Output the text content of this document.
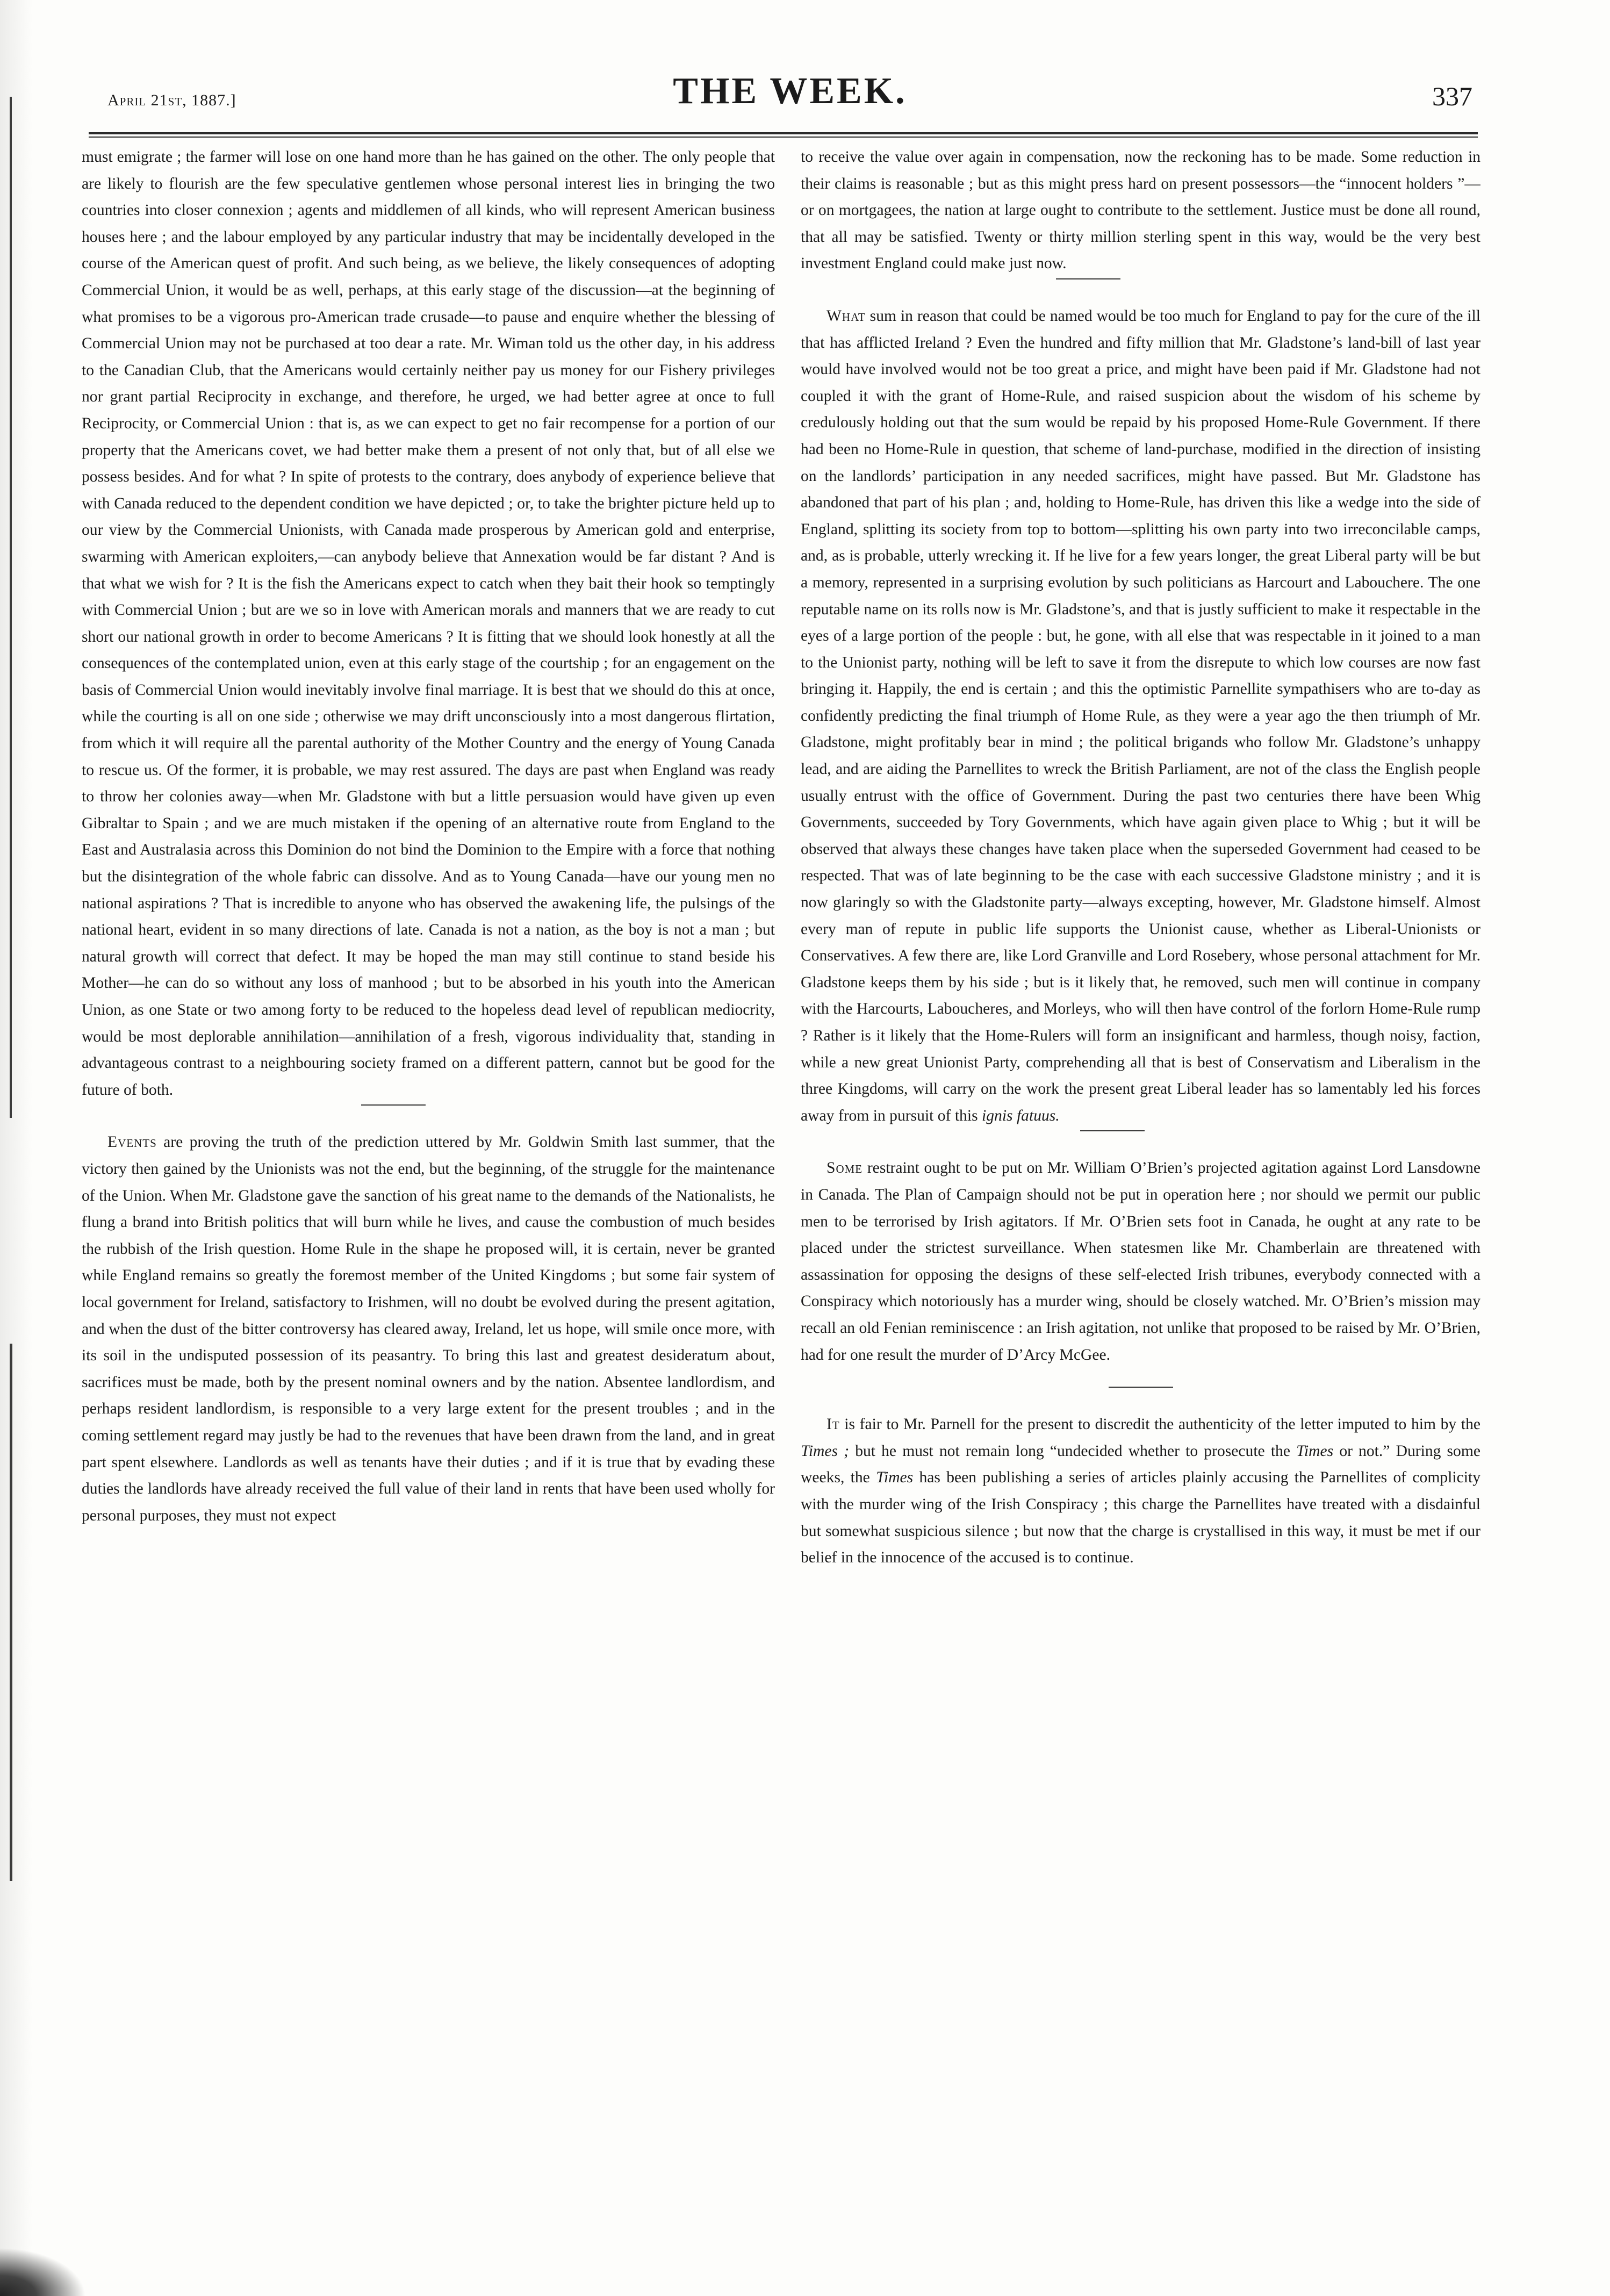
April 21st, 1887.]	THE WEEK.	337

must emigrate ; the farmer will lose on one hand more than he has gained on the other. The only people that are likely to flourish are the few speculative gentlemen whose personal interest lies in bringing the two countries into closer connexion ; agents and middlemen of all kinds, who will represent American business houses here ; and the labour employed by any particular industry that may be incidentally developed in the course of the American quest of profit. And such being, as we believe, the likely consequences of adopting Commercial Union, it would be as well, perhaps, at this early stage of the discussion—at the beginning of what promises to be a vigorous pro-American trade crusade—to pause and enquire whether the blessing of Commercial Union may not be purchased at too dear a rate. Mr. Wiman told us the other day, in his address to the Canadian Club, that the Americans would certainly neither pay us money for our Fishery privileges nor grant partial Reciprocity in exchange, and therefore, he urged, we had better agree at once to full Reciprocity, or Commercial Union : that is, as we can expect to get no fair recompense for a portion of our property that the Americans covet, we had better make them a present of not only that, but of all else we possess besides. And for what ? In spite of protests to the contrary, does anybody of experience believe that with Canada reduced to the dependent condition we have depicted ; or, to take the brighter picture held up to our view by the Commercial Unionists, with Canada made prosperous by American gold and enterprise, swarming with American exploiters,—can anybody believe that Annexation would be far distant ? And is that what we wish for ? It is the fish the Americans expect to catch when they bait their hook so temptingly with Commercial Union ; but are we so in love with American morals and manners that we are ready to cut short our national growth in order to become Americans ? It is fitting that we should look honestly at all the consequences of the contemplated union, even at this early stage of the courtship ; for an engagement on the basis of Commercial Union would inevitably involve final marriage. It is best that we should do this at once, while the courting is all on one side ; otherwise we may drift unconsciously into a most dangerous flirtation, from which it will require all the parental authority of the Mother Country and the energy of Young Canada to rescue us. Of the former, it is probable, we may rest assured. The days are past when England was ready to throw her colonies away—when Mr. Gladstone with but a little persuasion would have given up even Gibraltar to Spain ; and we are much mistaken if the opening of an alternative route from England to the East and Australasia across this Dominion do not bind the Dominion to the Empire with a force that nothing but the disintegration of the whole fabric can dissolve. And as to Young Canada—have our young men no national aspirations ? That is incredible to anyone who has observed the awakening life, the pulsings of the national heart, evident in so many directions of late. Canada is not a nation, as the boy is not a man ; but natural growth will correct that defect. It may be hoped the man may still continue to stand beside his Mother—he can do so without any loss of manhood ; but to be absorbed in his youth into the American Union, as one State or two among forty to be reduced to the hopeless dead level of republican mediocrity, would be most deplorable annihilation—annihilation of a fresh, vigorous individuality that, standing in advantageous contrast to a neighbouring society framed on a different pattern, cannot but be good for the future of both.

Events are proving the truth of the prediction uttered by Mr. Goldwin Smith last summer, that the victory then gained by the Unionists was not the end, but the beginning, of the struggle for the maintenance of the Union. When Mr. Gladstone gave the sanction of his great name to the demands of the Nationalists, he flung a brand into British politics that will burn while he lives, and cause the combustion of much besides the rubbish of the Irish question. Home Rule in the shape he proposed will, it is certain, never be granted while England remains so greatly the foremost member of the United Kingdoms ; but some fair system of local government for Ireland, satisfactory to Irishmen, will no doubt be evolved during the present agitation, and when the dust of the bitter controversy has cleared away, Ireland, let us hope, will smile once more, with its soil in the undisputed possession of its peasantry. To bring this last and greatest desideratum about, sacrifices must be made, both by the present nominal owners and by the nation. Absentee landlordism, and perhaps resident landlordism, is responsible to a very large extent for the present troubles ; and in the coming settlement regard may justly be had to the revenues that have been drawn from the land, and in great part spent elsewhere. Landlords as well as tenants have their duties ; and if it is true that by evading these duties the landlords have already received the full value of their land in rents that have been used wholly for personal purposes, they must not expect

to receive the value over again in compensation, now the reckoning has to be made. Some reduction in their claims is reasonable ; but as this might press hard on present possessors—the “innocent holders ”—or on mortgagees, the nation at large ought to contribute to the settlement. Justice must be done all round, that all may be satisfied. Twenty or thirty million sterling spent in this way, would be the very best investment England could make just now.

What sum in reason that could be named would be too much for England to pay for the cure of the ill that has afflicted Ireland ? Even the hundred and fifty million that Mr. Gladstone’s land-bill of last year would have involved would not be too great a price, and might have been paid if Mr. Gladstone had not coupled it with the grant of Home-Rule, and raised suspicion about the wisdom of his scheme by credulously holding out that the sum would be repaid by his proposed Home-Rule Government. If there had been no Home-Rule in question, that scheme of land-purchase, modified in the direction of insisting on the landlords’ participation in any needed sacrifices, might have passed. But Mr. Gladstone has abandoned that part of his plan ; and, holding to Home-Rule, has driven this like a wedge into the side of England, splitting its society from top to bottom—splitting his own party into two irreconcilable camps, and, as is probable, utterly wrecking it. If he live for a few years longer, the great Liberal party will be but a memory, represented in a surprising evolution by such politicians as Harcourt and Labouchere. The one reputable name on its rolls now is Mr. Gladstone’s, and that is justly sufficient to make it respectable in the eyes of a large portion of the people : but, he gone, with all else that was respectable in it joined to a man to the Unionist party, nothing will be left to save it from the disrepute to which low courses are now fast bringing it. Happily, the end is certain ; and this the optimistic Parnellite sympathisers who are to-day as confidently predicting the final triumph of Home Rule, as they were a year ago the then triumph of Mr. Gladstone, might profitably bear in mind ; the political brigands who follow Mr. Gladstone’s unhappy lead, and are aiding the Parnellites to wreck the British Parliament, are not of the class the English people usually entrust with the office of Government. During the past two centuries there have been Whig Governments, succeeded by Tory Governments, which have again given place to Whig ; but it will be observed that always these changes have taken place when the superseded Government had ceased to be respected. That was of late beginning to be the case with each successive Gladstone ministry ; and it is now glaringly so with the Gladstonite party—always excepting, however, Mr. Gladstone himself. Almost every man of repute in public life supports the Unionist cause, whether as Liberal-Unionists or Conservatives. A few there are, like Lord Granville and Lord Rosebery, whose personal attachment for Mr. Gladstone keeps them by his side ; but is it likely that, he removed, such men will continue in company with the Harcourts, Laboucheres, and Morleys, who will then have control of the forlorn Home-Rule rump ? Rather is it likely that the Home-Rulers will form an insignificant and harmless, though noisy, faction, while a new great Unionist Party, comprehending all that is best of Conservatism and Liberalism in the three Kingdoms, will carry on the work the present great Liberal leader has so lamentably led his forces away from in pursuit of this ignis fatuus.

Some restraint ought to be put on Mr. William O’Brien’s projected agitation against Lord Lansdowne in Canada. The Plan of Campaign should not be put in operation here ; nor should we permit our public men to be terrorised by Irish agitators. If Mr. O’Brien sets foot in Canada, he ought at any rate to be placed under the strictest surveillance. When statesmen like Mr. Chamberlain are threatened with assassination for opposing the designs of these self-elected Irish tribunes, everybody connected with a Conspiracy which notoriously has a murder wing, should be closely watched. Mr. O’Brien’s mission may recall an old Fenian reminiscence : an Irish agitation, not unlike that proposed to be raised by Mr. O’Brien, had for one result the murder of D’Arcy McGee.

It is fair to Mr. Parnell for the present to discredit the authenticity of the letter imputed to him by the Times ; but he must not remain long “undecided whether to prosecute the Times or not.” During some weeks, the Times has been publishing a series of articles plainly accusing the Parnellites of complicity with the murder wing of the Irish Conspiracy ; this charge the Parnellites have treated with a disdainful but somewhat suspicious silence ; but now that the charge is crystallised in this way, it must be met if our belief in the innocence of the accused is to continue.
